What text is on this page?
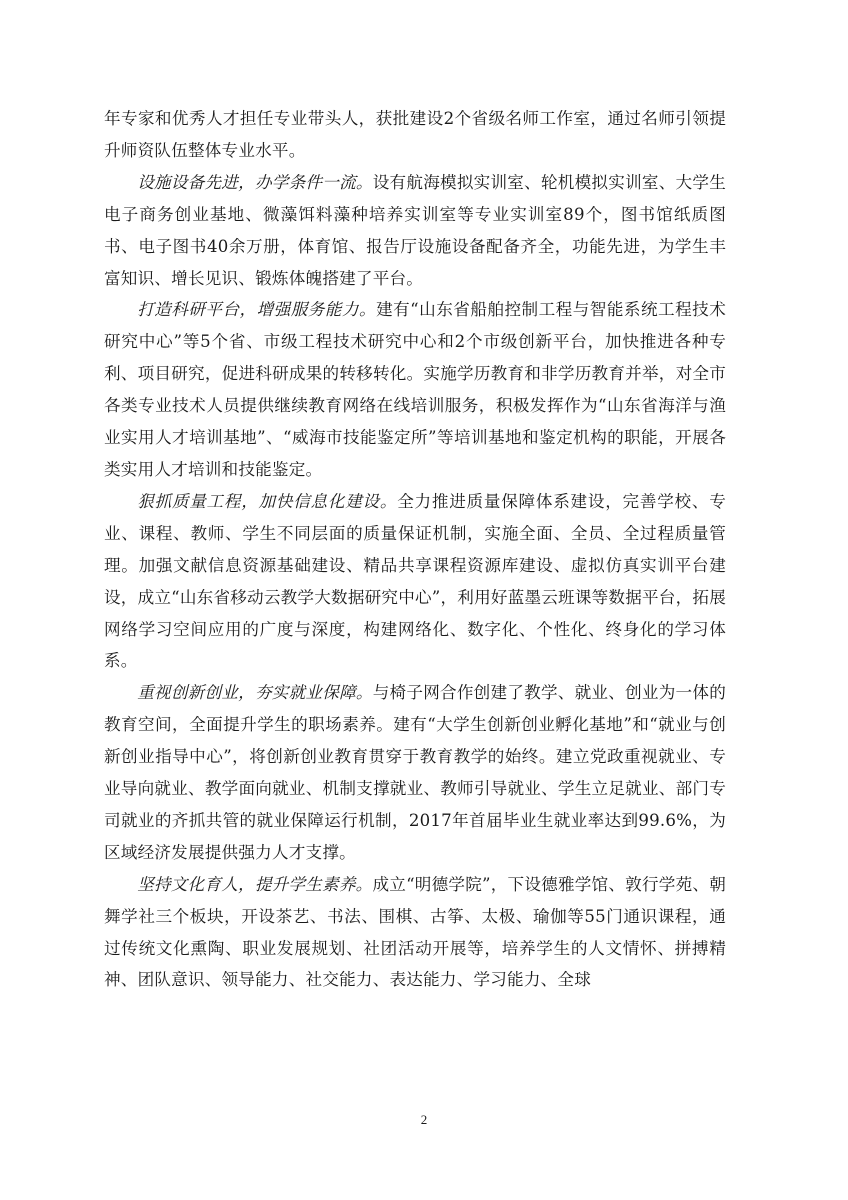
年专家和优秀人才担任专业带头人，获批建设2个省级名师工作室，通过名师引领提升师资队伍整体专业水平。

设施设备先进，办学条件一流。设有航海模拟实训室、轮机模拟实训室、大学生电子商务创业基地、微藻饵料藻种培养实训室等专业实训室89个，图书馆纸质图书、电子图书40余万册，体育馆、报告厅设施设备配备齐全，功能先进，为学生丰富知识、增长见识、锻炼体魄搭建了平台。

打造科研平台，增强服务能力。建有“山东省船舶控制工程与智能系统工程技术研究中心”等5个省、市级工程技术研究中心和2个市级创新平台，加快推进各种专利、项目研究，促进科研成果的转移转化。实施学历教育和非学历教育并举，对全市各类专业技术人员提供继续教育网络在线培训服务，积极发挥作为“山东省海洋与渔业实用人才培训基地”、“威海市技能鉴定所”等培训基地和鉴定机构的职能，开展各类实用人才培训和技能鉴定。

狠抓质量工程，加快信息化建设。全力推进质量保障体系建设，完善学校、专业、课程、教师、学生不同层面的质量保证机制，实施全面、全员、全过程质量管理。加强文献信息资源基础建设、精品共享课程资源库建设、虚拟仿真实训平台建设，成立“山东省移动云教学大数据研究中心”，利用好蓝墨云班课等数据平台，拓展网络学习空间应用的广度与深度，构建网络化、数字化、个性化、终身化的学习体系。

重视创新创业，夯实就业保障。与椅子网合作创建了教学、就业、创业为一体的教育空间，全面提升学生的职场素养。建有“大学生创新创业孵化基地”和“就业与创新创业指导中心”，将创新创业教育贯穿于教育教学的始终。建立党政重视就业、专业导向就业、教学面向就业、机制支撑就业、教师引导就业、学生立足就业、部门专司就业的齐抓共管的就业保障运行机制，2017年首届毕业生就业率达到99.6%，为区域经济发展提供强力人才支撑。

坚持文化育人，提升学生素养。成立“明德学院”，下设德雅学馆、敦行学苑、朝舞学社三个板块，开设茶艺、书法、围棋、古筝、太极、瑜伽等55门通识课程，通过传统文化熏陶、职业发展规划、社团活动开展等，培养学生的人文情怀、拼搏精神、团队意识、领导能力、社交能力、表达能力、学习能力、全球

2
